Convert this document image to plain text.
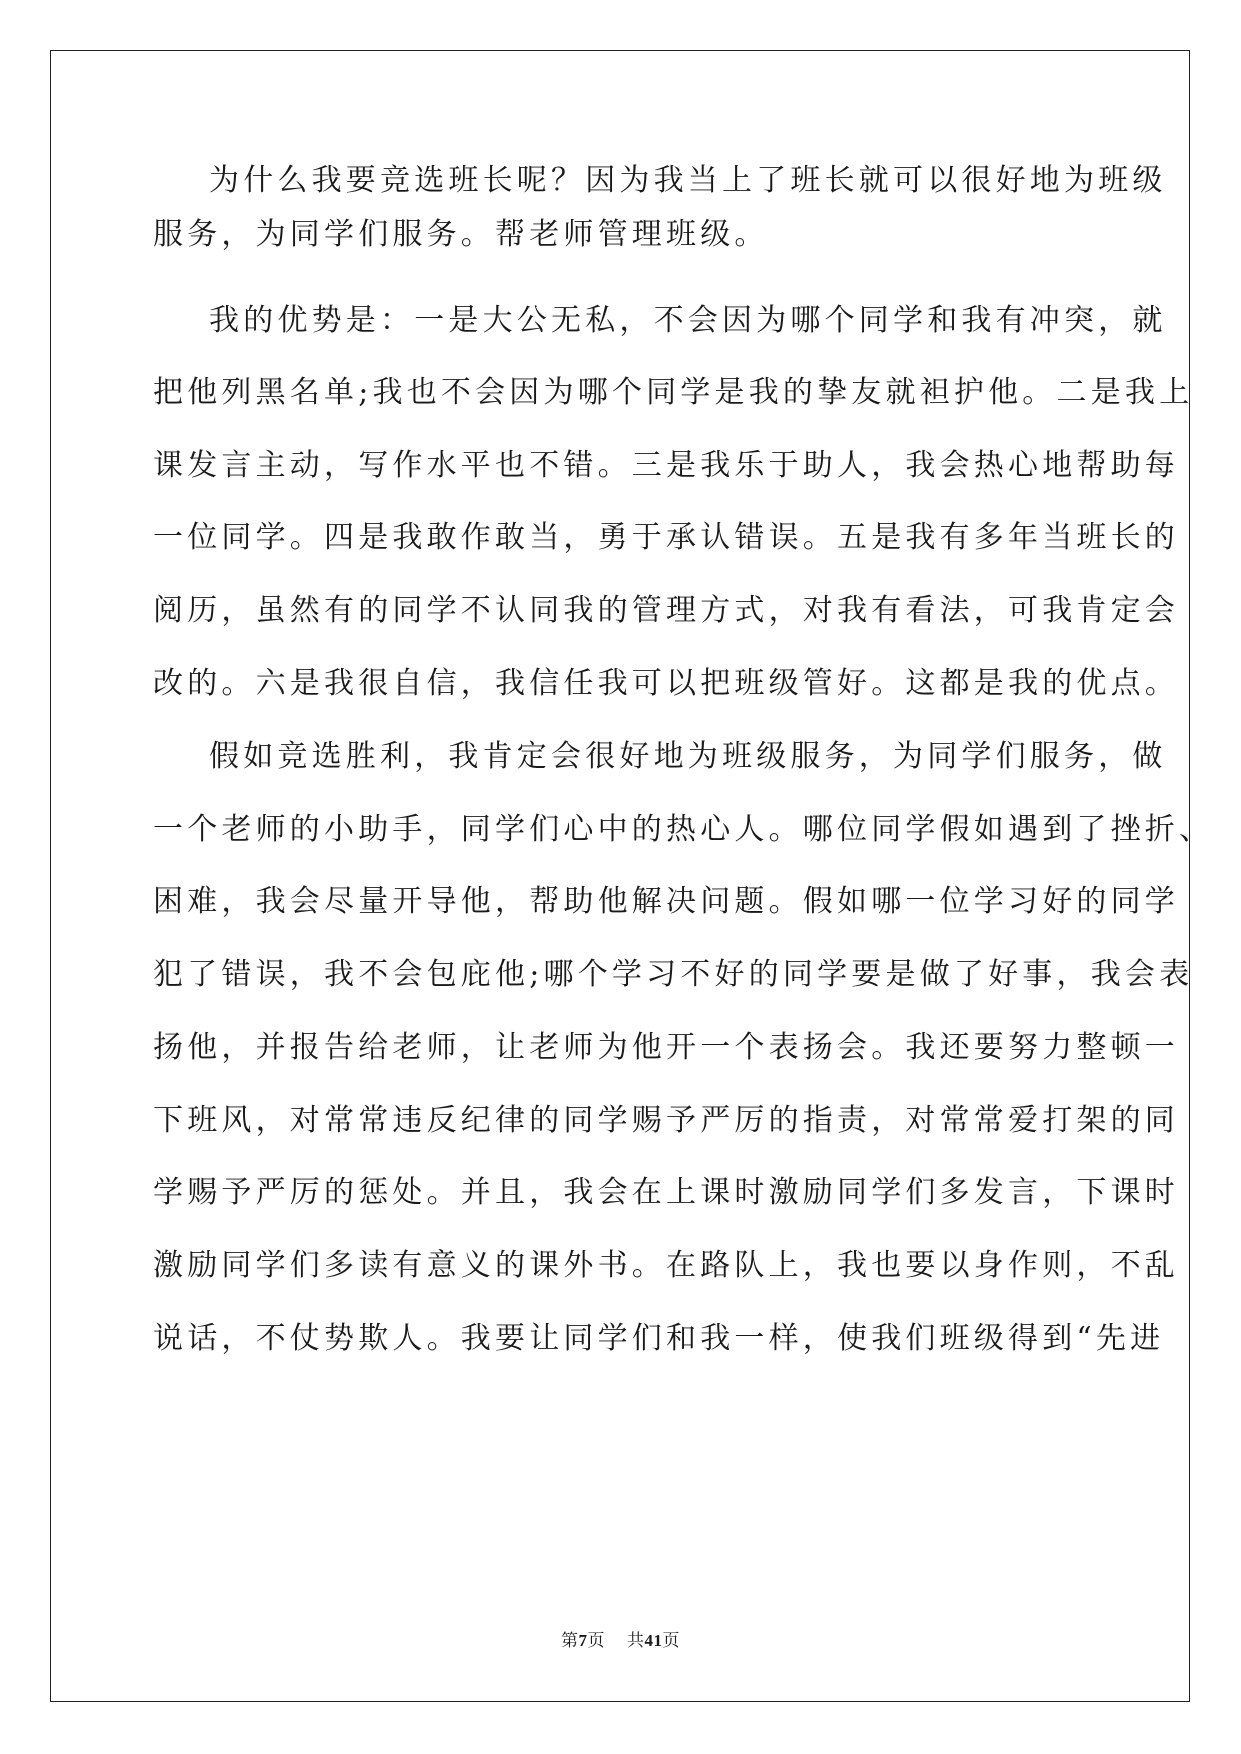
为什么我要竞选班长呢？因为我当上了班长就可以很好地为班级
服务，为同学们服务。帮老师管理班级。
我的优势是：一是大公无私，不会因为哪个同学和我有冲突，就
把他列黑名单;我也不会因为哪个同学是我的挚友就袒护他。二是我上
课发言主动，写作水平也不错。三是我乐于助人，我会热心地帮助每
一位同学。四是我敢作敢当，勇于承认错误。五是我有多年当班长的
阅历，虽然有的同学不认同我的管理方式，对我有看法，可我肯定会
改的。六是我很自信，我信任我可以把班级管好。这都是我的优点。
假如竞选胜利，我肯定会很好地为班级服务，为同学们服务，做
一个老师的小助手，同学们心中的热心人。哪位同学假如遇到了挫折、
困难，我会尽量开导他，帮助他解决问题。假如哪一位学习好的同学
犯了错误，我不会包庇他;哪个学习不好的同学要是做了好事，我会表
扬他，并报告给老师，让老师为他开一个表扬会。我还要努力整顿一
下班风，对常常违反纪律的同学赐予严厉的指责，对常常爱打架的同
学赐予严厉的惩处。并且，我会在上课时激励同学们多发言，下课时
激励同学们多读有意义的课外书。在路队上，我也要以身作则，不乱
说话，不仗势欺人。我要让同学们和我一样，使我们班级得到“先进
第7页 共41页
